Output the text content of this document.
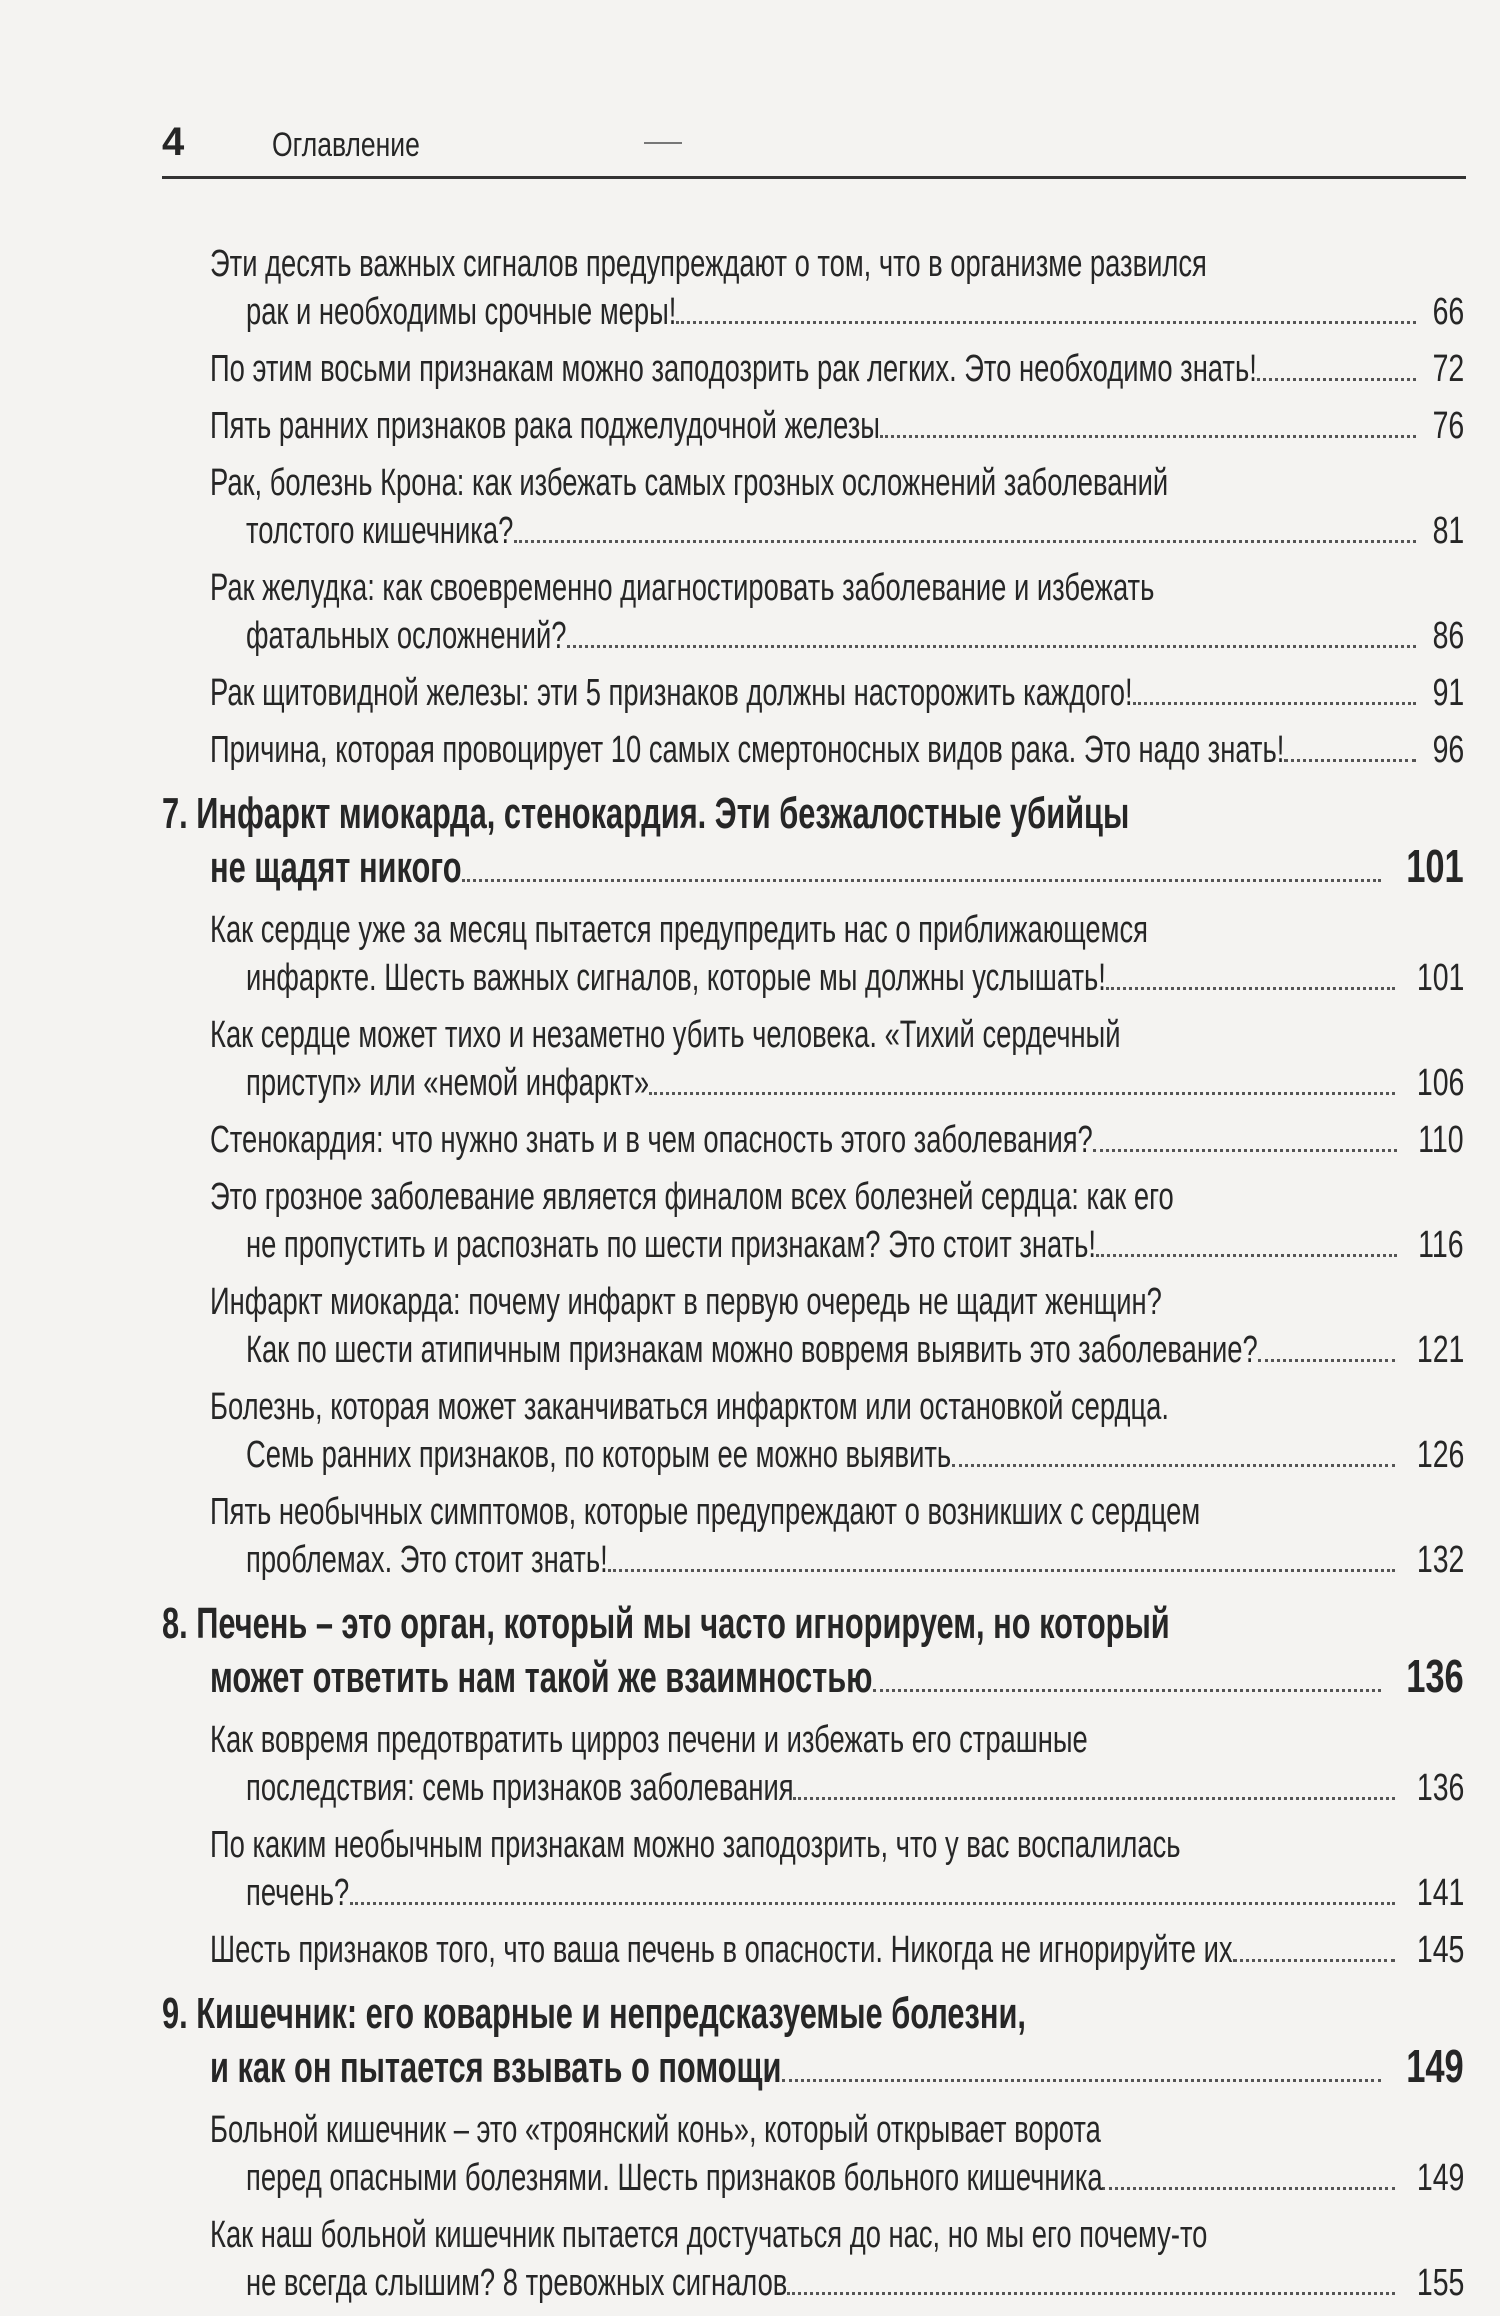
4	Оглавление
Эти десять важных сигналов предупреждают о том, что в организме развился
рак и необходимы срочные меры!	66
По этим восьми признакам можно заподозрить рак легких. Это необходимо знать!	72
Пять ранних признаков рака поджелудочной железы	76
Рак, болезнь Крона: как избежать самых грозных осложнений заболеваний
толстого кишечника?	81
Рак желудка: как своевременно диагностировать заболевание и избежать
фатальных осложнений?	86
Рак щитовидной железы: эти 5 признаков должны насторожить каждого!	91
Причина, которая провоцирует 10 самых смертоносных видов рака. Это надо знать!	96
7. Инфаркт миокарда, стенокардия. Эти безжалостные убийцы
не щадят никого	101
Как сердце уже за месяц пытается предупредить нас о приближающемся
инфаркте. Шесть важных сигналов, которые мы должны услышать!	101
Как сердце может тихо и незаметно убить человека. «Тихий сердечный
приступ» или «немой инфаркт»	106
Стенокардия: что нужно знать и в чем опасность этого заболевания?	110
Это грозное заболевание является финалом всех болезней сердца: как его
не пропустить и распознать по шести признакам? Это стоит знать!	116
Инфаркт миокарда: почему инфаркт в первую очередь не щадит женщин?
Как по шести атипичным признакам можно вовремя выявить это заболевание?	121
Болезнь, которая может заканчиваться инфарктом или остановкой сердца.
Семь ранних признаков, по которым ее можно выявить	126
Пять необычных симптомов, которые предупреждают о возникших с сердцем
проблемах. Это стоит знать!	132
8. Печень – это орган, который мы часто игнорируем, но который
может ответить нам такой же взаимностью	136
Как вовремя предотвратить цирроз печени и избежать его страшные
последствия: семь признаков заболевания	136
По каким необычным признакам можно заподозрить, что у вас воспалилась
печень?	141
Шесть признаков того, что ваша печень в опасности. Никогда не игнорируйте их	145
9. Кишечник: его коварные и непредсказуемые болезни,
и как он пытается взывать о помощи	149
Больной кишечник – это «троянский конь», который открывает ворота
перед опасными болезнями. Шесть признаков больного кишечника	149
Как наш больной кишечник пытается достучаться до нас, но мы его почему-то
не всегда слышим? 8 тревожных сигналов	155
